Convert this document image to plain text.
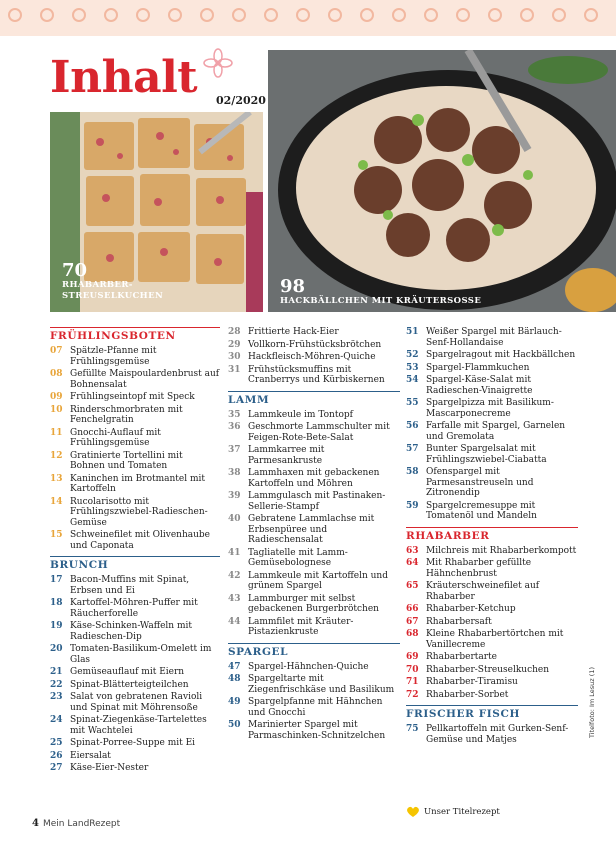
Inhalt 02/2020
70
RHABARBER-
STREUSELKUCHEN	98
HACKBÄLLCHEN MIT KRÄUTERSOSSE
FRÜHLINGSBOTEN
07 Spätzle-Pfanne mit Frühlingsgemüse
08 Gefüllte Maispoulardenbrust auf Bohnensalat
09 Frühlingseintopf mit Speck
10 Rinderschmorbraten mit Fenchelgratin
11 Gnocchi-Auflauf mit Frühlingsgemüse
12 Gratinierte Tortellini mit Bohnen und Tomaten
13 Kaninchen im Brotmantel mit Kartoffeln
14 Rucolarisotto mit Frühlingszwiebel-Radieschen-Gemüse
15 Schweinefilet mit Olivenhaube und Caponata
BRUNCH
17 Bacon-Muffins mit Spinat, Erbsen und Ei
18 Kartoffel-Möhren-Puffer mit Räucherforelle
19 Käse-Schinken-Waffeln mit Radieschen-Dip
20 Tomaten-Basilikum-Omelett im Glas
21 Gemüseauflauf mit Eiern
22 Spinat-Blätterteigteilchen
23 Salat von gebratenen Ravioli und Spinat mit Möhrensoße
24 Spinat-Ziegenkäse-Tartelettes mit Wachtelei
25 Spinat-Porree-Suppe mit Ei
26 Eiersalat
27 Käse-Eier-Nester
28 Frittierte Hack-Eier
29 Vollkorn-Frühstücksbrötchen
30 Hackfleisch-Möhren-Quiche
31 Frühstücksmuffins mit Cranberrys und Kürbiskernen
LAMM
35 Lammkeule im Tontopf
36 Geschmorte Lammschulter mit Feigen-Rote-Bete-Salat
37 Lammkarree mit Parmesankruste
38 Lammhaxen mit gebackenen Kartoffeln und Möhren
39 Lammgulasch mit Pastinaken-Sellerie-Stampf
40 Gebratene Lammlachse mit Erbsenpüree und Radieschensalat
41 Tagliatelle mit Lamm-Gemüsebolognese
42 Lammkeule mit Kartoffeln und grünem Spargel
43 Lammburger mit selbst gebackenen Burgerbrötchen
44 Lammfilet mit Kräuter-Pistazienkruste
SPARGEL
47 Spargel-Hähnchen-Quiche
48 Spargeltarte mit Ziegenfrischkäse und Basilikum
49 Spargelpfanne mit Hähnchen und Gnocchi
50 Marinierter Spargel mit Parmaschinken-Schnitzelchen
51 Weißer Spargel mit Bärlauch-Senf-Hollandaise
52 Spargelragout mit Hackbällchen
53 Spargel-Flammkuchen
54 Spargel-Käse-Salat mit Radieschen-Vinaigrette
55 Spargelpizza mit Basilikum-Mascarponecreme
56 Farfalle mit Spargel, Garnelen und Gremolata
57 Bunter Spargelsalat mit Frühlingszwiebel-Ciabatta
58 Ofenspargel mit Parmesanstreuseln und Zitronendip
59 Spargelcremesuppe mit Tomatenöl und Mandeln
RHABARBER
63 Milchreis mit Rhabarberkompott
64 Mit Rhabarber gefüllte Hähnchenbrust
65 Kräuterschweinefilet auf Rhabarber
66 Rhabarber-Ketchup
67 Rhabarbersaft
68 Kleine Rhabarbertörtchen mit Vanillecreme
69 Rhabarbertarte
70 Rhabarber-Streuselkuchen
71 Rhabarber-Tiramisu
72 Rhabarber-Sorbet
FRISCHER FISCH
75 Pellkartoffeln mit Gurken-Senf-Gemüse und Matjes
Unser Titelrezept
4 Mein LandRezept
Titelfoto: Im Lesuz (1)
